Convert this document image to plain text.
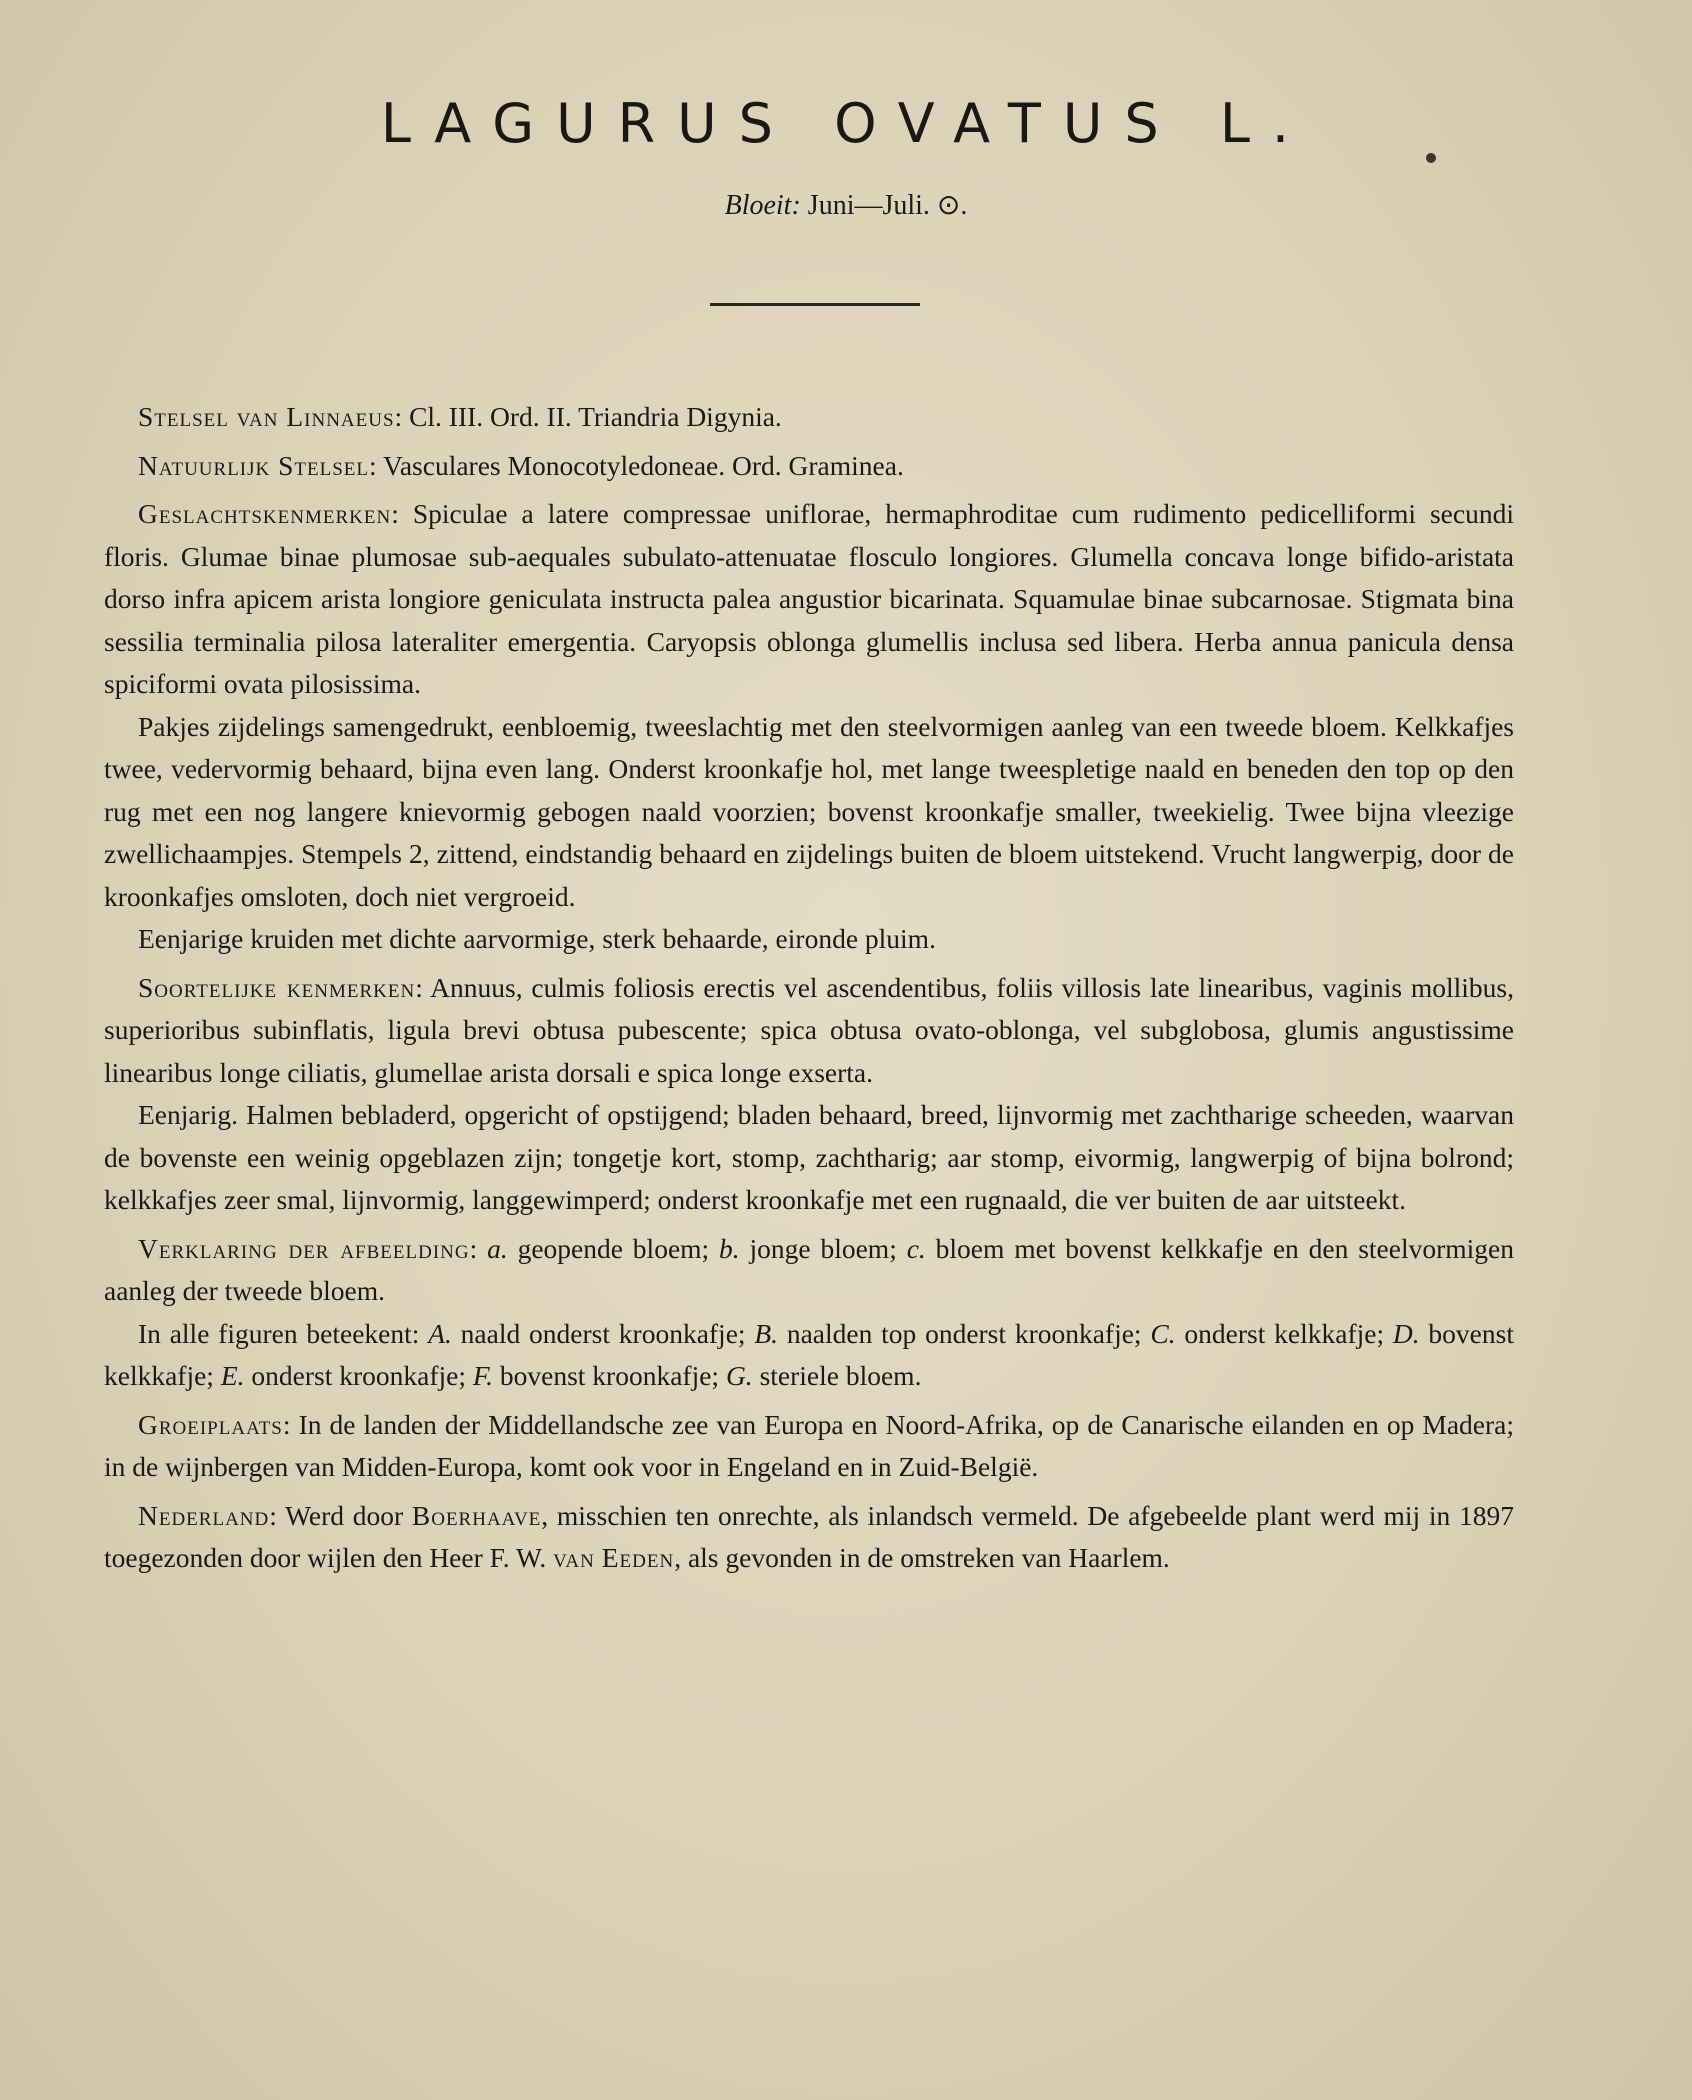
LAGURUS OVATUS L.
Bloeit: Juni—Juli. ⊙.

Stelsel van Linnaeus: Cl. III. Ord. II. Triandria Digynia.

Natuurlijk Stelsel: Vasculares Monocotyledoneae. Ord. Graminea.

Geslachtskenmerken: Spiculae a latere compressae uniflorae, hermaphroditae cum rudimento pedicelliformi secundi floris. Glumae binae plumosae sub-aequales subulato-attenuatae flosculo longiores. Glumella concava longe bifido-aristata dorso infra apicem arista longiore geniculata instructa palea angustior bicarinata. Squamulae binae subcarnosae. Stigmata bina sessilia terminalia pilosa lateraliter emergentia. Caryopsis oblonga glumellis inclusa sed libera. Herba annua panicula densa spiciformi ovata pilosissima.

Pakjes zijdelings samengedrukt, eenbloemig, tweeslachtig met den steelvormigen aanleg van een tweede bloem. Kelkkafjes twee, vedervormig behaard, bijna even lang. Onderst kroonkafje hol, met lange tweespletige naald en beneden den top op den rug met een nog langere knievormig gebogen naald voorzien; bovenst kroonkafje smaller, tweekielig. Twee bijna vleezige zwellichaampjes. Stempels 2, zittend, eindstandig behaard en zijdelings buiten de bloem uitstekend. Vrucht langwerpig, door de kroonkafjes omsloten, doch niet vergroeid.

Eenjarige kruiden met dichte aarvormige, sterk behaarde, eironde pluim.

Soortelijke kenmerken: Annuus, culmis foliosis erectis vel ascendentibus, foliis villosis late linearibus, vaginis mollibus, superioribus subinflatis, ligula brevi obtusa pubescente; spica obtusa ovato-oblonga, vel subglobosa, glumis angustissime linearibus longe ciliatis, glumellae arista dorsali e spica longe exserta.

Eenjarig. Halmen bebladerd, opgericht of opstijgend; bladen behaard, breed, lijnvormig met zachtharige scheeden, waarvan de bovenste een weinig opgeblazen zijn; tongetje kort, stomp, zachtharig; aar stomp, eivormig, langwerpig of bijna bolrond; kelkkafjes zeer smal, lijnvormig, langgewimperd; onderst kroonkafje met een rugnaald, die ver buiten de aar uitsteekt.

Verklaring der afbeelding: a. geopende bloem; b. jonge bloem; c. bloem met bovenst kelkkafje en den steelvormigen aanleg der tweede bloem.

In alle figuren beteekent: A. naald onderst kroonkafje; B. naalden top onderst kroonkafje; C. onderst kelkkafje; D. bovenst kelkkafje; E. onderst kroonkafje; F. bovenst kroonkafje; G. steriele bloem.

Groeiplaats: In de landen der Middellandsche zee van Europa en Noord-Afrika, op de Canarische eilanden en op Madera; in de wijnbergen van Midden-Europa, komt ook voor in Engeland en in Zuid-België.

Nederland: Werd door Boerhaave, misschien ten onrechte, als inlandsch vermeld. De afgebeelde plant werd mij in 1897 toegezonden door wijlen den Heer F. W. van Eeden, als gevonden in de omstreken van Haarlem.
